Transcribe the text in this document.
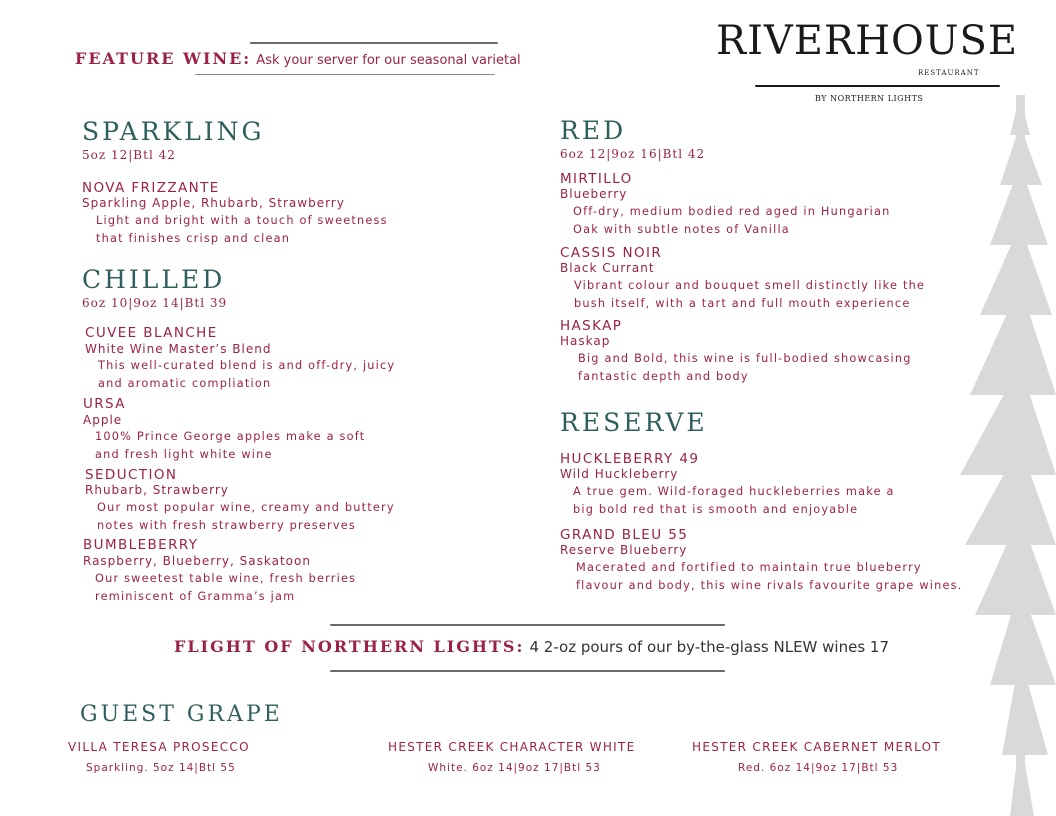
FEATURE WINE: Ask your server for our seasonal varietal	RIVERHOUSE
RESTAURANT
BY NORTHERN LIGHTS
SPARKLING
5oz 12|Btl 42
NOVA FRIZZANTE
Sparkling Apple, Rhubarb, Strawberry
Light and bright with a touch of sweetness
that finishes crisp and clean
CHILLED
6oz 10|9oz 14|Btl 39
CUVEE BLANCHE
White Wine Master’s Blend
This well-curated blend is and off-dry, juicy
and aromatic compliation
URSA
Apple
100% Prince George apples make a soft
and fresh light white wine
SEDUCTION
Rhubarb, Strawberry
Our most popular wine, creamy and buttery
notes with fresh strawberry preserves
BUMBLEBERRY
Raspberry, Blueberry, Saskatoon
Our sweetest table wine, fresh berries
reminiscent of Gramma’s jam
RED
6oz 12|9oz 16|Btl 42
MIRTILLO
Blueberry
Off-dry, medium bodied red aged in Hungarian
Oak with subtle notes of Vanilla
CASSIS NOIR
Black Currant
Vibrant colour and bouquet smell distinctly like the
bush itself, with a tart and full mouth experience
HASKAP
Haskap
Big and Bold, this wine is full-bodied showcasing
fantastic depth and body
RESERVE
HUCKLEBERRY 49
Wild Huckleberry
A true gem. Wild-foraged huckleberries make a
big bold red that is smooth and enjoyable
GRAND BLEU 55
Reserve Blueberry
Macerated and fortified to maintain true blueberry
flavour and body, this wine rivals favourite grape wines.
FLIGHT OF NORTHERN LIGHTS: 4 2-oz pours of our by-the-glass NLEW wines 17
GUEST GRAPE
VILLA TERESA PROSECCO
Sparkling. 5oz 14|Btl 55
HESTER CREEK CHARACTER WHITE
White. 6oz 14|9oz 17|Btl 53
HESTER CREEK CABERNET MERLOT
Red. 6oz 14|9oz 17|Btl 53
